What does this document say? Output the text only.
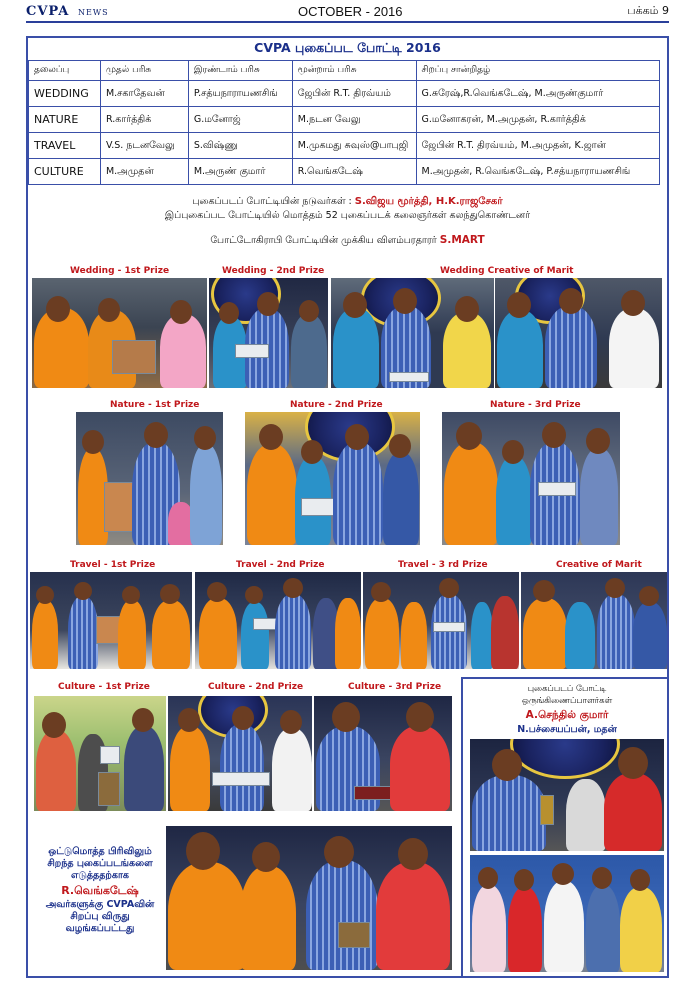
CVPA NEWS	OCTOBER - 2016	பக்கம் 9
CVPA புகைப்பட போட்டி 2016
தலைப்பு	முதல் பரிசு	இரண்டாம் பரிசு	மூன்றாம் பரிசு	சிறப்பு சான்றிதழ்
WEDDING	M.சகாதேவன்	P.சத்யநாராயணசிங்	ஜேபின் R.T. திரவ்யம்	G.சுரேஷ்,R.வெங்கடேஷ், M.அருண்குமார்
NATURE	R.கார்த்திக்	G.மனோஜ்	M.நடன வேலு	G.மனோகரன், M.அமுதன், R.கார்த்திக்
TRAVEL	V.S. நடனவேலு	S.விஷ்ணு	M.முகமது சுவுஸ்@பாபுஜி	ஜேபின் R.T. திரவ்யம், M.அமுதன், K.ஜான்
CULTURE	M.அமுதன்	M.அருண் குமார்	R.வெங்கடேஷ்	M.அமுதன், R.வெங்கடேஷ், P.சத்யநாராயணசிங்
புகைப்படப் போட்டியின் நடுவர்கள் : S.விஜய மூர்த்தி, H.K.ராஜசேகர்
இப்புகைப்பட போட்டியில் மொத்தம் 52 புகைப்படக் கலைஞர்கள் கலந்துகொண்டனர்
போட்டோகிராபி போட்டியின் முக்கிய விளம்பரதாரர் S.MART
Wedding - 1st Prize	Wedding - 2nd Prize	Wedding Creative of Marit
Nature - 1st Prize	Nature - 2nd Prize	Nature - 3rd Prize
Travel - 1st Prize	Travel - 2nd Prize	Travel - 3 rd Prize	Creative of Marit
Culture - 1st Prize	Culture - 2nd Prize	Culture - 3rd Prize
ஒட்டுமொத்த பிரிவிலும்
சிறந்த புகைப்படங்களை
எடுத்ததற்காக
R.வெங்கடேஷ்
அவர்களுக்கு CVPAவின்
சிறப்பு விருது
வழங்கப்பட்டது
புகைப்படப் போட்டி
ஒருங்கிணைப்பாளர்கள்
A.செந்தில் குமார்
N.பச்சையப்பன், மதன்
